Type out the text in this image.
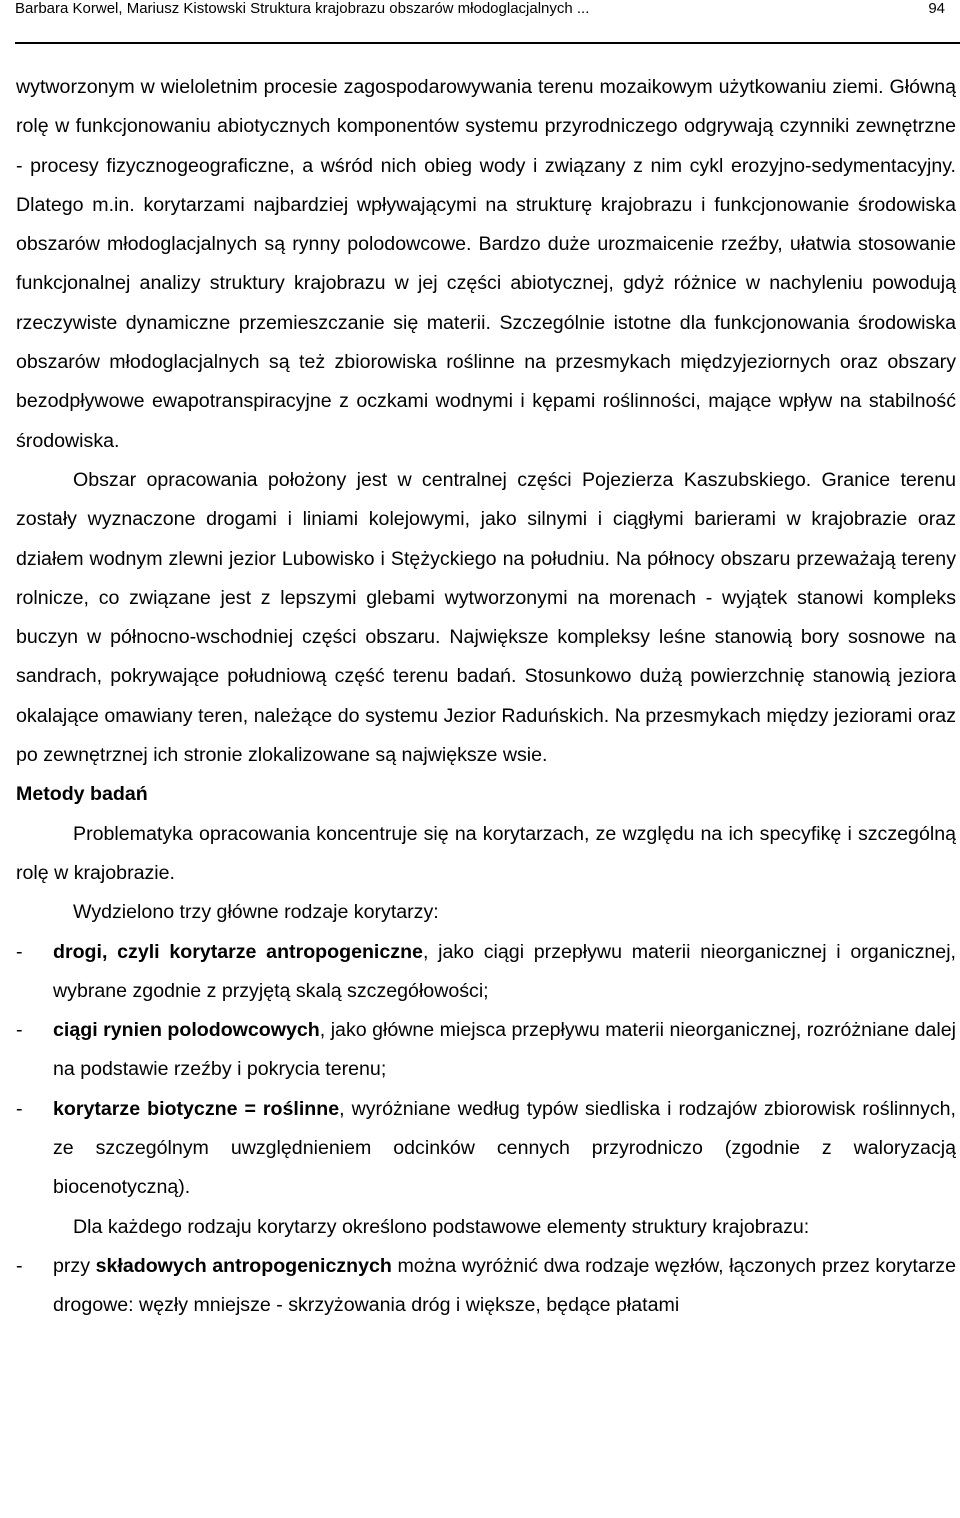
Barbara Korwel, Mariusz Kistowski Struktura krajobrazu obszarów młodoglacjalnych ...	94

wytworzonym w wieloletnim procesie zagospodarowywania terenu mozaikowym użytkowaniu ziemi. Główną rolę w funkcjonowaniu abiotycznych komponentów systemu przyrodniczego odgrywają czynniki zewnętrzne - procesy fizycznogeograficzne, a wśród nich obieg wody i związany z nim cykl erozyjno-sedymentacyjny. Dlatego m.in. korytarzami najbardziej wpływającymi na strukturę krajobrazu i funkcjonowanie środowiska obszarów młodoglacjalnych są rynny polodowcowe. Bardzo duże urozmaicenie rzeźby, ułatwia stosowanie funkcjonalnej analizy struktury krajobrazu w jej części abiotycznej, gdyż różnice w nachyleniu powodują rzeczywiste dynamiczne przemieszczanie się materii. Szczególnie istotne dla funkcjonowania środowiska obszarów młodoglacjalnych są też zbiorowiska roślinne na przesmykach międzyjeziornych oraz obszary bezodpływowe ewapotranspiracyjne z oczkami wodnymi i kępami roślinności, mające wpływ na stabilność środowiska.

Obszar opracowania położony jest w centralnej części Pojezierza Kaszubskiego. Granice terenu zostały wyznaczone drogami i liniami kolejowymi, jako silnymi i ciągłymi barierami w krajobrazie oraz działem wodnym zlewni jezior Lubowisko i Stężyckiego na południu. Na północy obszaru przeważają tereny rolnicze, co związane jest z lepszymi glebami wytworzonymi na morenach - wyjątek stanowi kompleks buczyn w północno-wschodniej części obszaru. Największe kompleksy leśne stanowią bory sosnowe na sandrach, pokrywające południową część terenu badań. Stosunkowo dużą powierzchnię stanowią jeziora okalające omawiany teren, należące do systemu Jezior Raduńskich. Na przesmykach między jeziorami oraz po zewnętrznej ich stronie zlokalizowane są największe wsie.

Metody badań

Problematyka opracowania koncentruje się na korytarzach, ze względu na ich specyfikę i szczególną rolę w krajobrazie.

Wydzielono trzy główne rodzaje korytarzy:

- drogi, czyli korytarze antropogeniczne, jako ciągi przepływu materii nieorganicznej i organicznej, wybrane zgodnie z przyjętą skalą szczegółowości;
- ciągi rynien polodowcowych, jako główne miejsca przepływu materii nieorganicznej, rozróżniane dalej na podstawie rzeźby i pokrycia terenu;
- korytarze biotyczne = roślinne, wyróżniane według typów siedliska i rodzajów zbiorowisk roślinnych, ze szczególnym uwzględnieniem odcinków cennych przyrodniczo (zgodnie z waloryzacją biocenotyczną).

Dla każdego rodzaju korytarzy określono podstawowe elementy struktury krajobrazu:

- przy składowych antropogenicznych można wyróżnić dwa rodzaje węzłów, łączonych przez korytarze drogowe: węzły mniejsze - skrzyżowania dróg i większe, będące płatami
